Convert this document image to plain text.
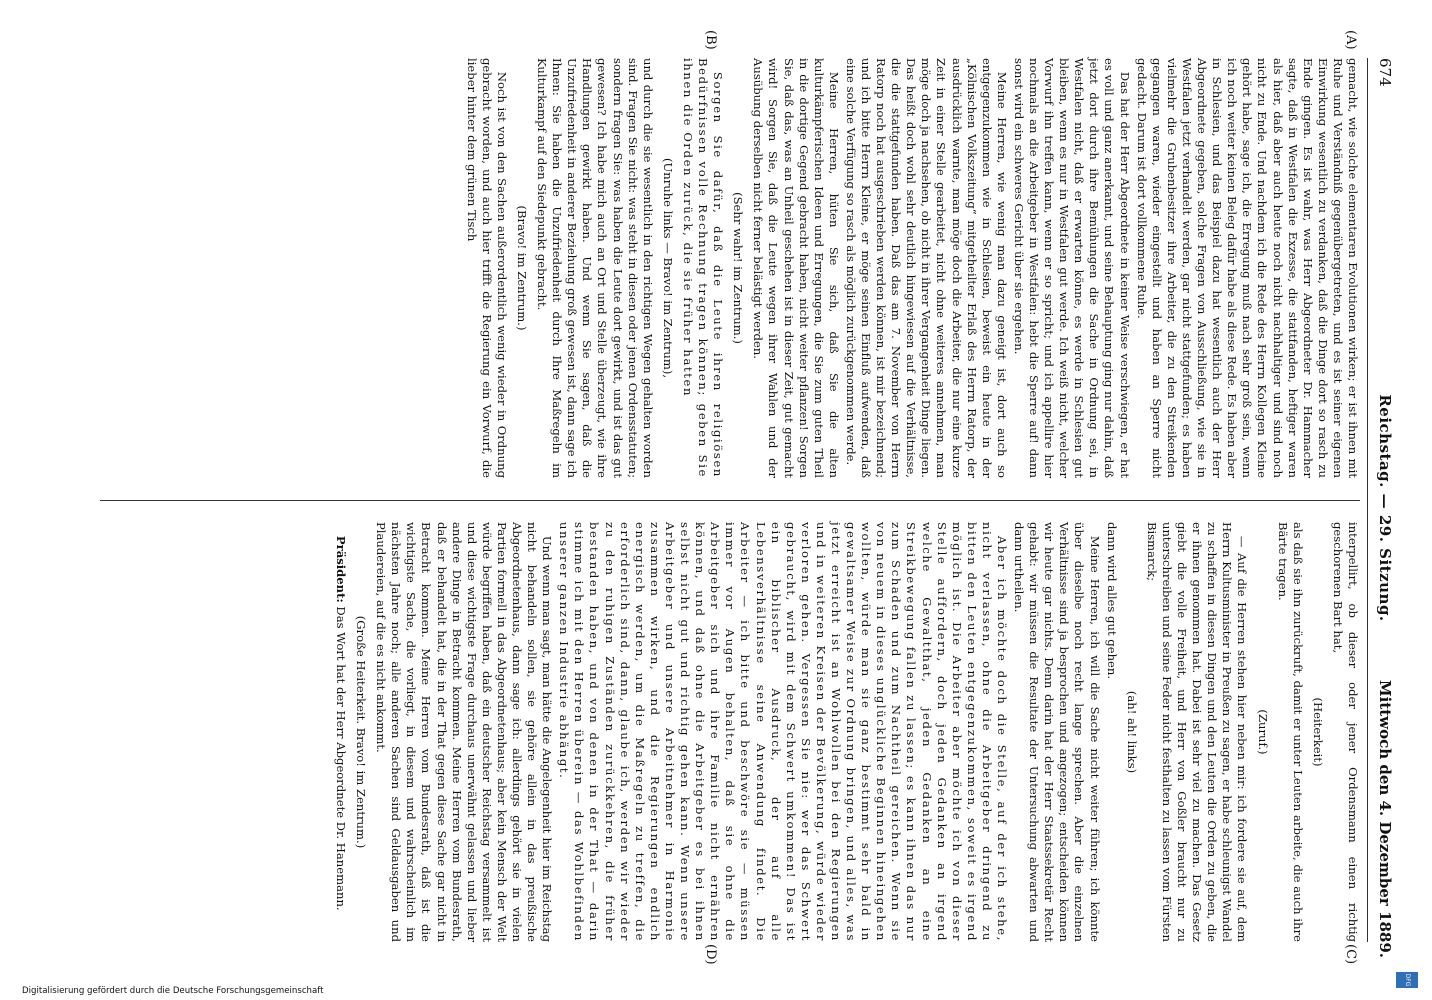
DFG
674
Reichstag. — 29. Sitzung.
Mittwoch den 4. Dezember 1889.
(A)
(B)
(C)
(D)

gemacht, wie solche elementaren Evolutionen wirken; er ist ihnen mit Ruhe und Verständniß gegenübergetreten, und es ist seiner eigenen Einwirkung wesentlich zu verdanken, daß die Dinge dort so rasch zu Ende gingen. Es ist wahr, was Herr Abgeordneter Dr. Hammacher sagte, daß in Westfalen die Exzesse, die stattfanden, heftiger waren als hier, daß aber auch heute noch nicht nachhaltiger und sind noch nicht zu Ende. Und nachdem ich die Rede des Herrn Kollegen Kleine gehört habe, sage ich, die Erregung muß nach sehr groß sein, wenn ich noch weiter keinen Beleg dafür habe als diese Rede. Es haben aber in Schlesien, und das Beispiel dazu hat wesentlich auch der Herr Abgeordnete gegeben, solche Fragen von Ausschließung, wie sie in Westfalen jetzt verhandelt werden, gar nicht stattgefunden; es haben vielmehr die Grubenbesitzer ihre Arbeiter, die zu den Streikenden gegangen waren, wieder eingestellt und haben an Sperre nicht gedacht. Darum ist dort vollkommene Ruhe.

Das hat der Herr Abgeordnete in keiner Weise verschwiegen, er hat es voll und ganz anerkannt, und seine Behauptung ging nur dahin, daß jetzt dort durch ihre Bemühungen die Sache in Ordnung sei, in Westfalen nicht, daß er erwarten könne, es werde in Schlesien gut bleiben, wenn es nur in Westfalen gut werde. Ich weiß nicht, welcher Vorwurf ihn treffen kann, wenn er so spricht; und ich appellire hier nochmals an die Arbeitgeber in Westfalen: hebt die Sperre auf! dann sonst wird ein schweres Gericht über sie ergehen.

Meine Herren, wie wenig man dazu geneigt ist, dort auch so entgegenzukommen wie in Schlesien, beweist ein heute in der „Kölnischen Volkszeitung“ mitgetheilter Erlaß des Herrn Ratorp, der ausdrücklich warnte, man möge doch die Arbeiter, die nur eine kurze Zeit in einer Stelle gearbeitet, nicht ohne weiteres annehmen, man möge doch ja nachsehen, ob nicht in ihrer Vergangenheit Dinge liegen. Das heißt doch wohl sehr deutlich hingewiesen auf die Verhältnisse, die die stattgefunden haben. Daß das am 7. November von Herrn Ratorp noch hat ausgeschrieben werden können, ist mir bezeichnend; und ich bitte Herrn Kleine, er möge seinen Einfluß aufwenden, daß eine solche Verfügung so rasch als möglich zurückgenommen werde.

Meine Herren, hüten Sie sich, daß Sie die alten kulturkämpferischen Ideen und Erregungen, die Sie zum guten Theil in die dortige Gegend gebracht haben, nicht weiter pflanzen! Sorgen Sie, daß das, was an Unheil geschehen ist in dieser Zeit, gut gemacht wird! Sorgen Sie, daß die Leute wegen ihrer Wahlen und der Ausübung derselben nicht ferner belästigt werden.

(Sehr wahr! im Zentrum.)

Sorgen Sie dafür, daß die Leute ihren religiösen Bedürfnissen volle Rechnung tragen können; geben Sie ihnen die Orden zurück, die sie früher hatten

(Unruhe links — Bravo! im Zentrum),

und durch die sie wesentlich in den richtigen Wegen gehalten worden sind. Fragen Sie nicht: was steht in diesen oder jenen Ordensstatuten; sondern fragen Sie: was haben die Leute dort gewirkt, und ist das gut gewesen? Ich habe mich auch an Ort und Stelle überzeugt, wie ihre Handlungen gewirkt haben. Und wenn Sie sagen, daß die Unzufriedenheit in anderer Beziehung groß gewesen ist, dann sage ich Ihnen: Sie haben die Unzufriedenheit durch Ihre Maßregeln im Kulturkampf auf den Siedepunkt gebracht.

(Bravo! im Zentrum.)

Noch ist von den Sachen außerordentlich wenig wieder in Ordnung gebracht worden, und auch hier trifft die Regierung ein Vorwurf, die lieber hinter dem grünen Tisch

interpellirt, ob dieser oder jener Ordensmann einen richtig geschorenen Bart hat,

(Heiterkeit)

als daß sie ihn zurückruft, damit er unter Leuten arbeite, die auch ihre Bärte tragen.

(Zuruf.)

— Auf die Herren stehen hier neben mir: ich fordere sie auf, dem Herrn Kultusminister in Preußen zu sagen, er habe schleunigst Wandel zu schaffen in diesen Dingen und den Leuten die Orden zu geben, die er ihnen genommen hat. Dabei ist sehr viel zu machen. Das Gesetz giebt die volle Freiheit, und Herr von Goßler braucht nur zu unterschreiben und seine Feder nicht festhalten zu lassen vom Fürsten Bismarck;

(ah! ah! links)

dann wird alles gut gehen.

Meine Herren, ich will die Sache nicht weiter führen; ich könnte über dieselbe noch recht lange sprechen. Aber die einzelnen Verhältnisse sind ja besprochen und angezogen; entscheiden können wir heute gar nichts. Denn darin hat der Herr Staatssekretär Recht gehabt: wir müssen die Resultate der Untersuchung abwarten und dann urtheilen.

Aber ich möchte doch die Stelle, auf der ich stehe, nicht verlassen, ohne die Arbeitgeber dringend zu bitten den Leuten entgegenzukommen, soweit es irgend möglich ist. Die Arbeiter aber möchte ich von dieser Stelle auffordern, doch jeden Gedanken an irgend welche Gewaltthat, jeden Gedanken an eine Streikbewegung fallen zu lassen; es kann ihnen das nur zum Schaden und zum Nachtheil gereichen. Wenn sie von neuem in dieses unglückliche Beginnen hineingehen wollten, würde man sie ganz bestimmt sehr bald in gewaltsamer Weise zur Ordnung bringen, und alles, was jetzt erreicht ist an Wohlwollen bei den Regierungen und in weiteren Kreisen der Bevölkerung, würde wieder verloren gehen. Vergessen Sie nie: wer das Schwert gebraucht, wird mit dem Schwert umkommen! Das ist ein biblischer Ausdruck, der auf alle Lebensverhältnisse seine Anwendung findet. Die Arbeiter — ich bitte und beschwöre sie — müssen immer vor Augen behalten, daß sie ohne die Arbeitgeber sich und ihre Familie nicht ernähren können, und daß ohne die Arbeitgeber es bei ihnen selbst nicht gut und richtig gehen kann. Wenn unsere Arbeitgeber und unsere Arbeitnehmer in Harmonie zusammen wirken, und die Regierungen endlich energisch werden, um die Maßregeln zu treffen, die erforderlich sind, dann, glaube ich, werden wir wieder zu den ruhigen Zuständen zurückkehren, die früher bestanden haben, und von denen in der That — darin stimme ich mit den Herren überein — das Wohlbefinden unserer ganzen Industrie abhängt.

Und wenn man sagt, man hätte die Angelegenheit hier im Reichstag nicht behandeln sollen, sie gehöre allein in das preußische Abgeordnetenhaus, dann sage ich: allerdings gehört sie in vielen Partien formell in das Abgeordnetenhaus; aber kein Mensch der Welt würde begriffen haben, daß ein deutscher Reichstag versammelt ist und diese wichtigste Frage durchaus unerwähnt gelassen und lieber andere Dinge in Betracht kommen. Meine Herren vom Bundesrath, daß er behandelt hat, die in der That gegen diese Sache gar nicht in Betracht kommen. Meine Herren vom Bundesrath, daß ist die wichtigste Sache, die vorliegt, in diesem und wahrscheinlich im nächsten Jahre noch; alle anderen Sachen sind Geldausgaben und Plaudereien, auf die es nicht ankommt.

(Große Heiterkeit. Bravo! im Zentrum.)

Präsident: Das Wort hat der Herr Abgeordnete Dr. Hanemann.

Digitalisierung gefördert durch die Deutsche Forschungsgemeinschaft
